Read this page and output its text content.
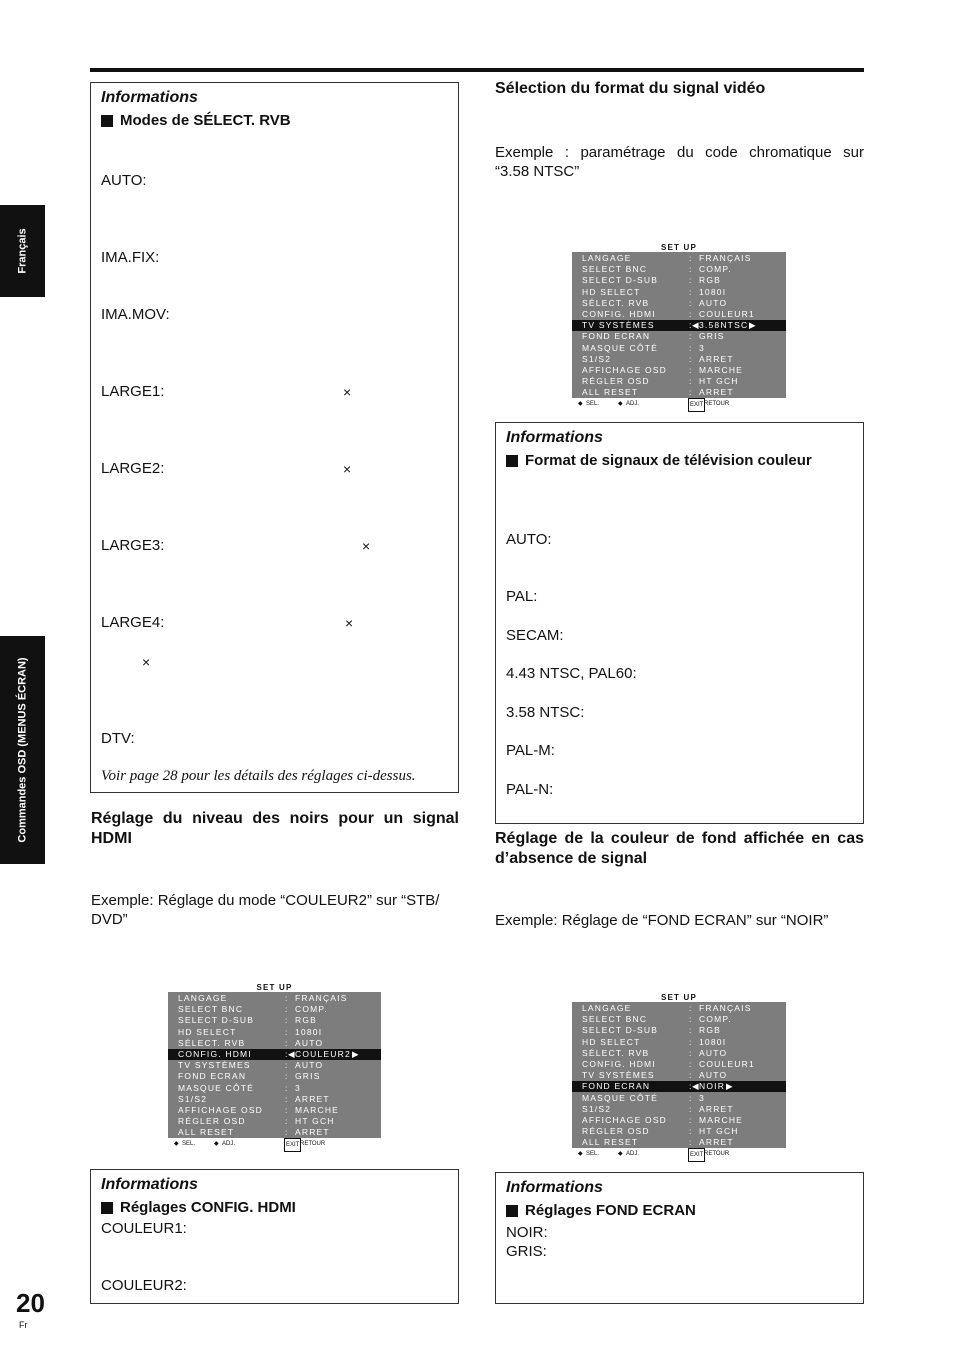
Français
Commandes OSD (MENUS ÉCRAN)
Informations
Modes de SÉLECT. RVB
AUTO:
IMA.FIX:
IMA.MOV:
LARGE1:	×
LARGE2:	×
LARGE3:	×
LARGE4:	×
×
DTV:
Voir page 28 pour les détails des réglages ci-dessus.
Réglage du niveau des noirs pour un signal
HDMI
Exemple: Réglage du mode “COULEUR2” sur “STB/ DVD”
SET UP
LANGAGE	: FRANÇAIS
SELECT BNC	: COMP.
SELECT D-SUB	: RGB
HD SELECT	: 1080I
SÉLECT. RVB	: AUTO
CONFIG. HDMI	: ◀ COULEUR2 ▶
TV SYSTÈMES	: AUTO
FOND ECRAN	: GRIS
MASQUE CÔTÉ	: 3
S1/S2	: ARRET
AFFICHAGE OSD	: MARCHE
RÉGLER OSD	: HT GCH
ALL RESET	: ARRET
◆ SEL.	◆ ADJ.	EXIT RETOUR
Informations
Réglages CONFIG. HDMI
COULEUR1:
COULEUR2:
Sélection du format du signal vidéo
Exemple : paramétrage du code chromatique sur
“3.58 NTSC”
SET UP
LANGAGE	: FRANÇAIS
SELECT BNC	: COMP.
SELECT D-SUB	: RGB
HD SELECT	: 1080I
SÉLECT. RVB	: AUTO
CONFIG. HDMI	: COULEUR1
TV SYSTÈMES	: ◀ 3.58NTSC ▶
FOND ECRAN	: GRIS
MASQUE CÔTÉ	: 3
S1/S2	: ARRET
AFFICHAGE OSD	: MARCHE
RÉGLER OSD	: HT GCH
ALL RESET	: ARRET
◆ SEL.	◆ ADJ.	EXIT RETOUR
Informations
Format de signaux de télévision couleur
AUTO:
PAL:
SECAM:
4.43 NTSC, PAL60:
3.58 NTSC:
PAL-M:
PAL-N:
Réglage de la couleur de fond affichée en cas
d’absence de signal
Exemple: Réglage de “FOND ECRAN” sur “NOIR”
SET UP
LANGAGE	: FRANÇAIS
SELECT BNC	: COMP.
SELECT D-SUB	: RGB
HD SELECT	: 1080I
SÉLECT. RVB	: AUTO
CONFIG. HDMI	: COULEUR1
TV SYSTÈMES	: AUTO
FOND ECRAN	: ◀ NOIR ▶
MASQUE CÔTÉ	: 3
S1/S2	: ARRET
AFFICHAGE OSD	: MARCHE
RÉGLER OSD	: HT GCH
ALL RESET	: ARRET
◆ SEL.	◆ ADJ.	EXIT RETOUR
Informations
Réglages FOND ECRAN
NOIR:
GRIS:
20
Fr
